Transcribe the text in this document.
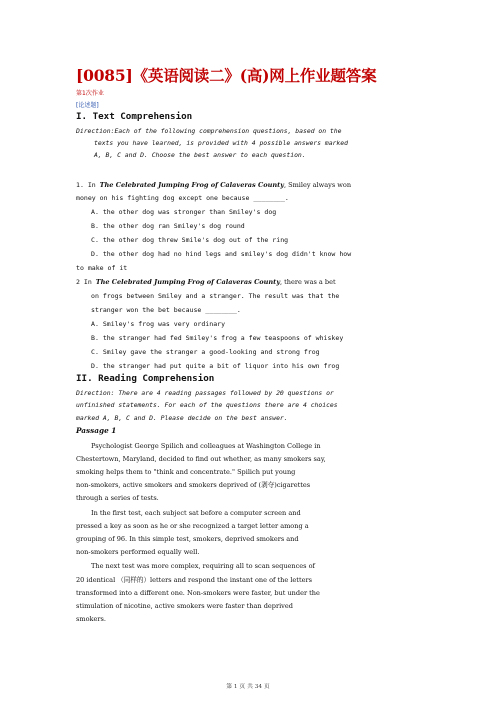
[0085]《英语阅读二》(高)网上作业题答案
第1次作业
[论述题]
I. Text Comprehension
Direction:Each of the following comprehension questions, based on the
texts you have learned, is provided with 4 possible answers marked
A, B, C and D. Choose the best answer to each question.
1. In The Celebrated Jumping Frog of Calaveras County, Smiley always won
money on his fighting dog except one because ________.
A. the other dog was stronger than Smiley's dog
B. the other dog ran Smiley's dog round
C. the other dog threw Smile's dog out of the ring
D. the other dog had no hind legs and smiley's dog didn't know how
to make of it
2 In The Celebrated Jumping Frog of Calaveras County, there was a bet
on frogs between Smiley and a stranger. The result was that the
stranger won the bet because ________.
A. Smiley's frog was very ordinary
B. the stranger had fed Smiley's frog a few teaspoons of whiskey
C. Smiley gave the stranger a good-looking and strong frog
D. the stranger had put quite a bit of liquor into his own frog
II. Reading Comprehension
Direction: There are 4 reading passages followed by 20 questions or
unfinished statements. For each of the questions there are 4 choices
marked A, B, C and D. Please decide on the best answer.
Passage 1
Psychologist George Spilich and colleagues at Washington College in
Chestertown, Maryland, decided to find out whether, as many smokers say,
smoking helps them to "think and concentrate." Spilich put young
non-smokers, active smokers and smokers deprived of (剥夺)cigarettes
through a series of tests.
In the first test, each subject sat before a computer screen and
pressed a key as soon as he or she recognized a target letter among a
grouping of 96. In this simple test, smokers, deprived smokers and
non-smokers performed equally well.
The next test was more complex, requiring all to scan sequences of
20 identical （同样的）letters and respond the instant one of the letters
transformed into a different one. Non-smokers were faster, but under the
stimulation of nicotine, active smokers were faster than deprived
smokers.
第 1 页 共 34 页
